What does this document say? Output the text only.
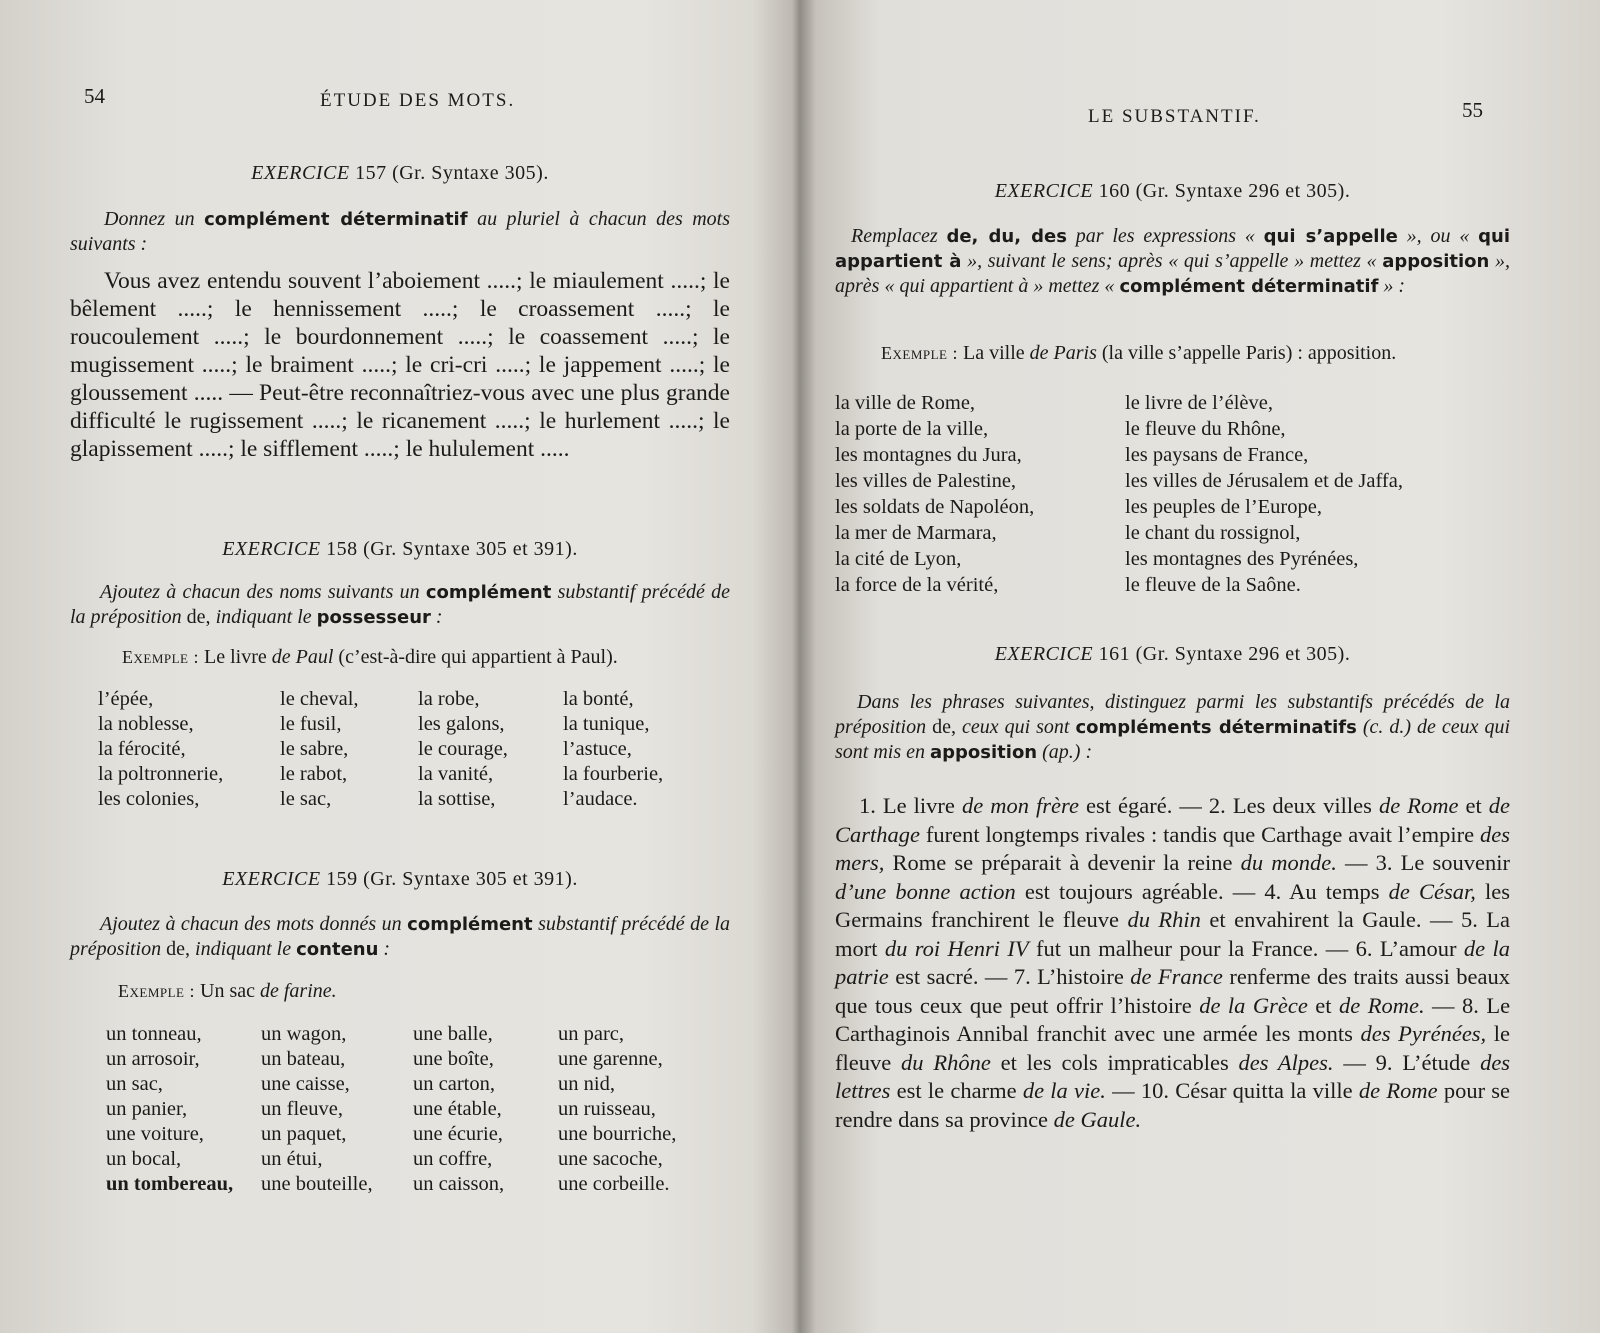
54	ÉTUDE DES MOTS.
EXERCICE 157 (Gr. Syntaxe 305).
Donnez un complément déterminatif au pluriel à chacun des mots suivants :
Vous avez entendu souvent l’aboiement .....; le miaulement .....; le bêlement .....; le hennissement .....; le croassement .....; le roucoulement .....; le bourdonnement .....; le coassement .....; le mugissement .....; le braiment .....; le cri-cri .....; le jappement .....; le gloussement ..... — Peut-être reconnaîtriez-vous avec une plus grande difficulté le rugissement .....; le ricanement .....; le hurlement .....; le glapissement .....; le sifflement .....; le hululement .....
EXERCICE 158 (Gr. Syntaxe 305 et 391).
Ajoutez à chacun des noms suivants un complément substantif précédé de la préposition de, indiquant le possesseur :
Exemple : Le livre de Paul (c’est-à-dire qui appartient à Paul).
l’épée,
la noblesse,
la férocité,
la poltronnerie,
les colonies,
le cheval,
le fusil,
le sabre,
le rabot,
le sac,
la robe,
les galons,
le courage,
la vanité,
la sottise,
la bonté,
la tunique,
l’astuce,
la fourberie,
l’audace.
EXERCICE 159 (Gr. Syntaxe 305 et 391).
Ajoutez à chacun des mots donnés un complément substantif précédé de la préposition de, indiquant le contenu :
Exemple : Un sac de farine.
un tonneau,
un arrosoir,
un sac,
un panier,
une voiture,
un bocal,
un tombereau,
un wagon,
un bateau,
une caisse,
un fleuve,
un paquet,
un étui,
une bouteille,
une balle,
une boîte,
un carton,
une étable,
une écurie,
un coffre,
un caisson,
un parc,
une garenne,
un nid,
un ruisseau,
une bourriche,
une sacoche,
une corbeille.
LE SUBSTANTIF.	55
EXERCICE 160 (Gr. Syntaxe 296 et 305).
Remplacez de, du, des par les expressions « qui s’appelle », ou « qui appartient à », suivant le sens; après « qui s’appelle » mettez « apposition », après « qui appartient à » mettez « complément déterminatif » :
Exemple : La ville de Paris (la ville s’appelle Paris) : apposition.
la ville de Rome,
la porte de la ville,
les montagnes du Jura,
les villes de Palestine,
les soldats de Napoléon,
la mer de Marmara,
la cité de Lyon,
la force de la vérité,
le livre de l’élève,
le fleuve du Rhône,
les paysans de France,
les villes de Jérusalem et de Jaffa,
les peuples de l’Europe,
le chant du rossignol,
les montagnes des Pyrénées,
le fleuve de la Saône.
EXERCICE 161 (Gr. Syntaxe 296 et 305).
Dans les phrases suivantes, distinguez parmi les substantifs précédés de la préposition de, ceux qui sont compléments déterminatifs (c. d.) de ceux qui sont mis en apposition (ap.) :
1. Le livre de mon frère est égaré. — 2. Les deux villes de Rome et de Carthage furent longtemps rivales : tandis que Carthage avait l’empire des mers, Rome se préparait à devenir la reine du monde. — 3. Le souvenir d’une bonne action est toujours agréable. — 4. Au temps de César, les Germains franchirent le fleuve du Rhin et envahirent la Gaule. — 5. La mort du roi Henri IV fut un malheur pour la France. — 6. L’amour de la patrie est sacré. — 7. L’histoire de France renferme des traits aussi beaux que tous ceux que peut offrir l’histoire de la Grèce et de Rome. — 8. Le Carthaginois Annibal franchit avec une armée les monts des Pyrénées, le fleuve du Rhône et les cols impraticables des Alpes. — 9. L’étude des lettres est le charme de la vie. — 10. César quitta la ville de Rome pour se rendre dans sa province de Gaule.
